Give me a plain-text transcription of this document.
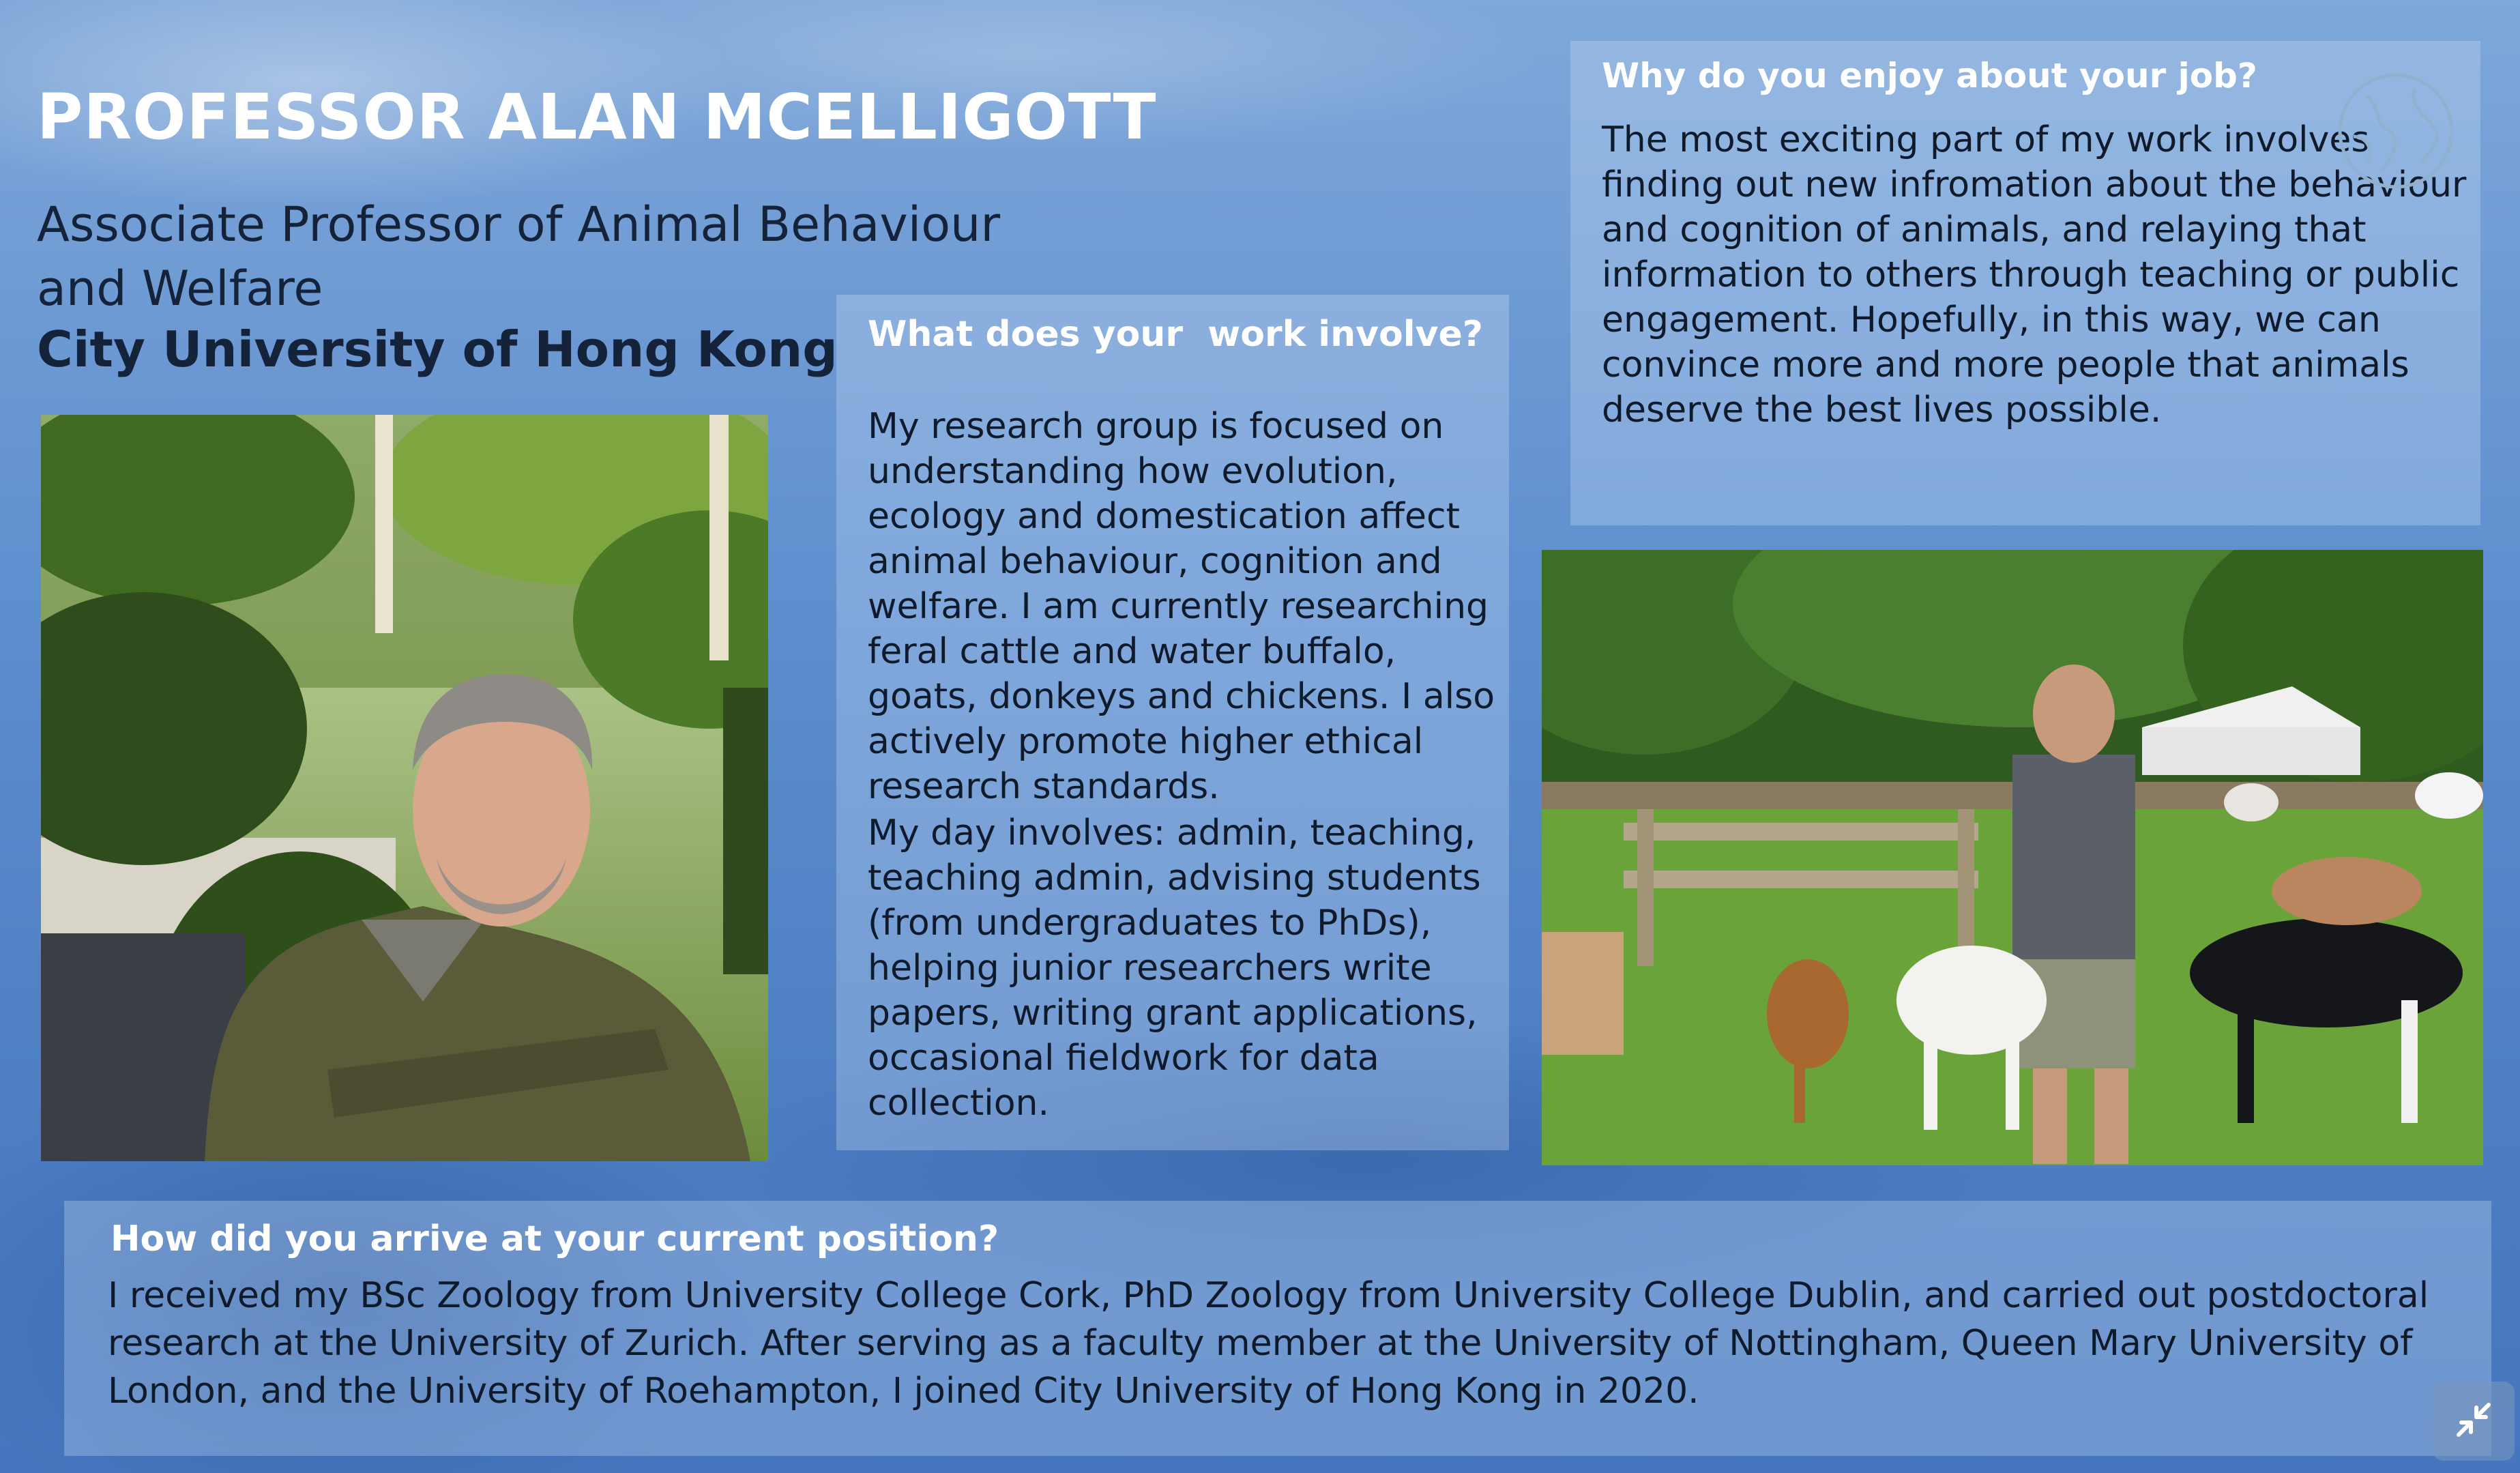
PROFESSOR ALAN MCELLIGOTT

Associate Professor of Animal Behaviour and Welfare

City University of Hong Kong What does your  work involve?

My research group is focused on understanding how evolution, ecology and domestication affect animal behaviour, cognition and welfare. I am currently researching feral cattle and water buffalo, goats, donkeys and chickens. I also actively promote higher ethical research standards.

My day involves: admin, teaching, teaching admin, advising students (from undergraduates to PhDs), helping junior researchers write papers, writing grant applications, occasional fieldwork for data collection.

Why do you enjoy about your job?

The most exciting part of my work involves finding out new infromation about the behaviour and cognition of animals, and relaying that information to others through teaching or public engagement. Hopefully, in this way, we can convince more and more people that animals deserve the best lives possible.

How did you arrive at your current position?

I received my BSc Zoology from University College Cork, PhD Zoology from University College Dublin, and carried out postdoctoral research at the University of Zurich. After serving as a faculty member at the University of Nottingham, Queen Mary University of London, and the University of Roehampton, I joined City University of Hong Kong in 2020.
